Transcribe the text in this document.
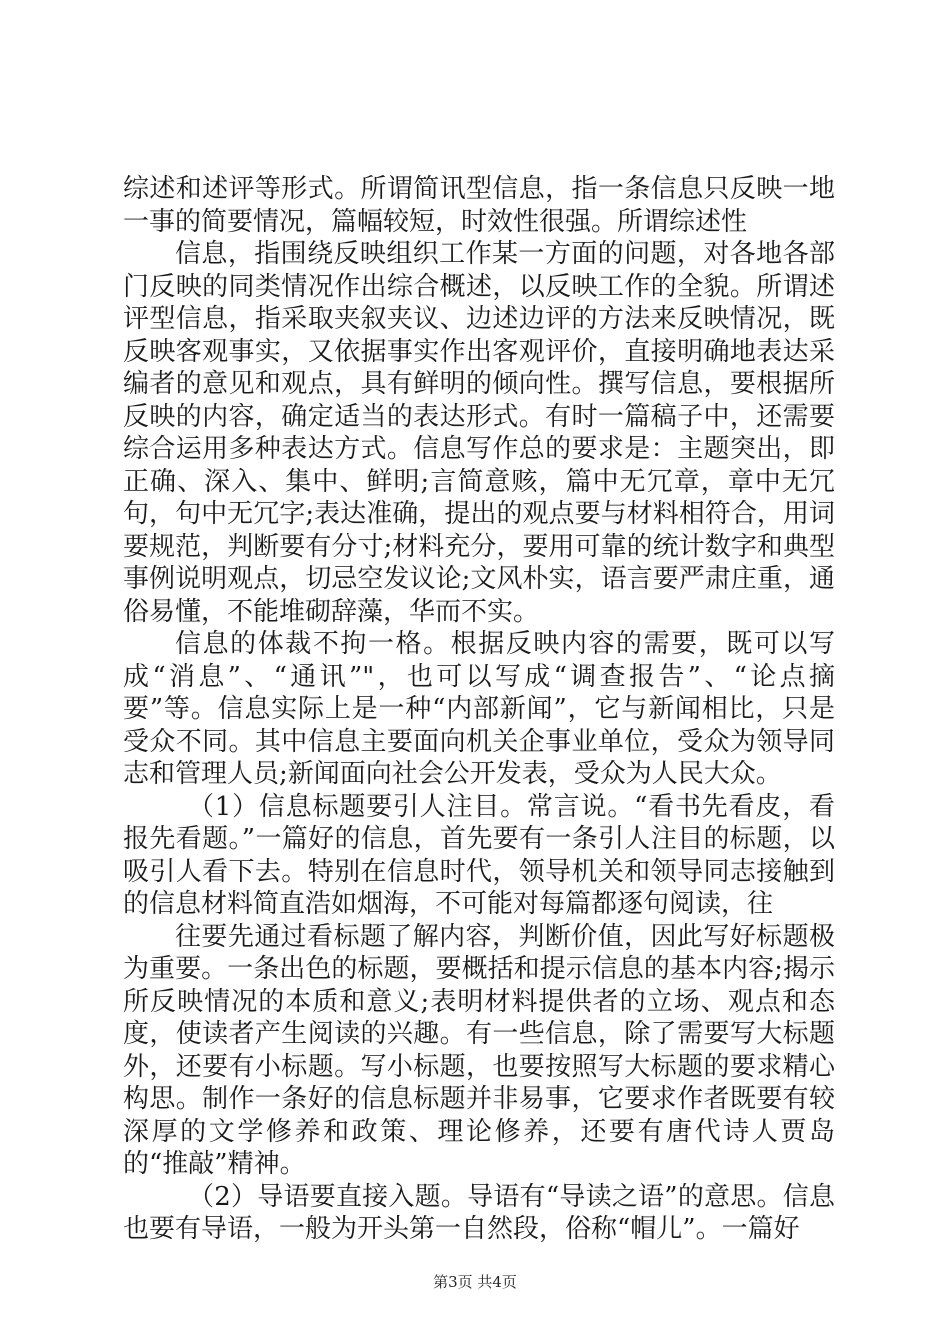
综述和述评等形式。所谓简讯型信息，指一条信息只反映一地一事的简要情况，篇幅较短，时效性很强。所谓综述性

信息，指围绕反映组织工作某一方面的问题，对各地各部门反映的同类情况作出综合概述，以反映工作的全貌。所谓述评型信息，指采取夹叙夹议、边述边评的方法来反映情况，既反映客观事实，又依据事实作出客观评价，直接明确地表达采编者的意见和观点，具有鲜明的倾向性。撰写信息，要根据所反映的内容，确定适当的表达形式。有时一篇稿子中，还需要综合运用多种表达方式。信息写作总的要求是：主题突出，即正确、深入、集中、鲜明;言简意赅，篇中无冗章，章中无冗句，句中无冗字;表达准确，提出的观点要与材料相符合，用词要规范，判断要有分寸;材料充分，要用可靠的统计数字和典型事例说明观点，切忌空发议论;文风朴实，语言要严肃庄重，通俗易懂，不能堆砌辞藻，华而不实。

信息的体裁不拘一格。根据反映内容的需要，既可以写成“消息”、“通讯”"，也可以写成“调查报告”、“论点摘要”等。信息实际上是一种“内部新闻”，它与新闻相比，只是受众不同。其中信息主要面向机关企事业单位，受众为领导同志和管理人员;新闻面向社会公开发表，受众为人民大众。

（1）信息标题要引人注目。常言说。“看书先看皮，看报先看题。”一篇好的信息，首先要有一条引人注目的标题，以吸引人看下去。特别在信息时代，领导机关和领导同志接触到的信息材料简直浩如烟海，不可能对每篇都逐句阅读，往

往要先通过看标题了解内容，判断价值，因此写好标题极为重要。一条出色的标题，要概括和提示信息的基本内容;揭示所反映情况的本质和意义;表明材料提供者的立场、观点和态度，使读者产生阅读的兴趣。有一些信息，除了需要写大标题外，还要有小标题。写小标题，也要按照写大标题的要求精心构思。制作一条好的信息标题并非易事，它要求作者既要有较深厚的文学修养和政策、理论修养，还要有唐代诗人贾岛的“推敲”精神。

（2）导语要直接入题。导语有“导读之语”的意思。信息也要有导语，一般为开头第一自然段，俗称“帽儿”。一篇好

第3页 共4页
